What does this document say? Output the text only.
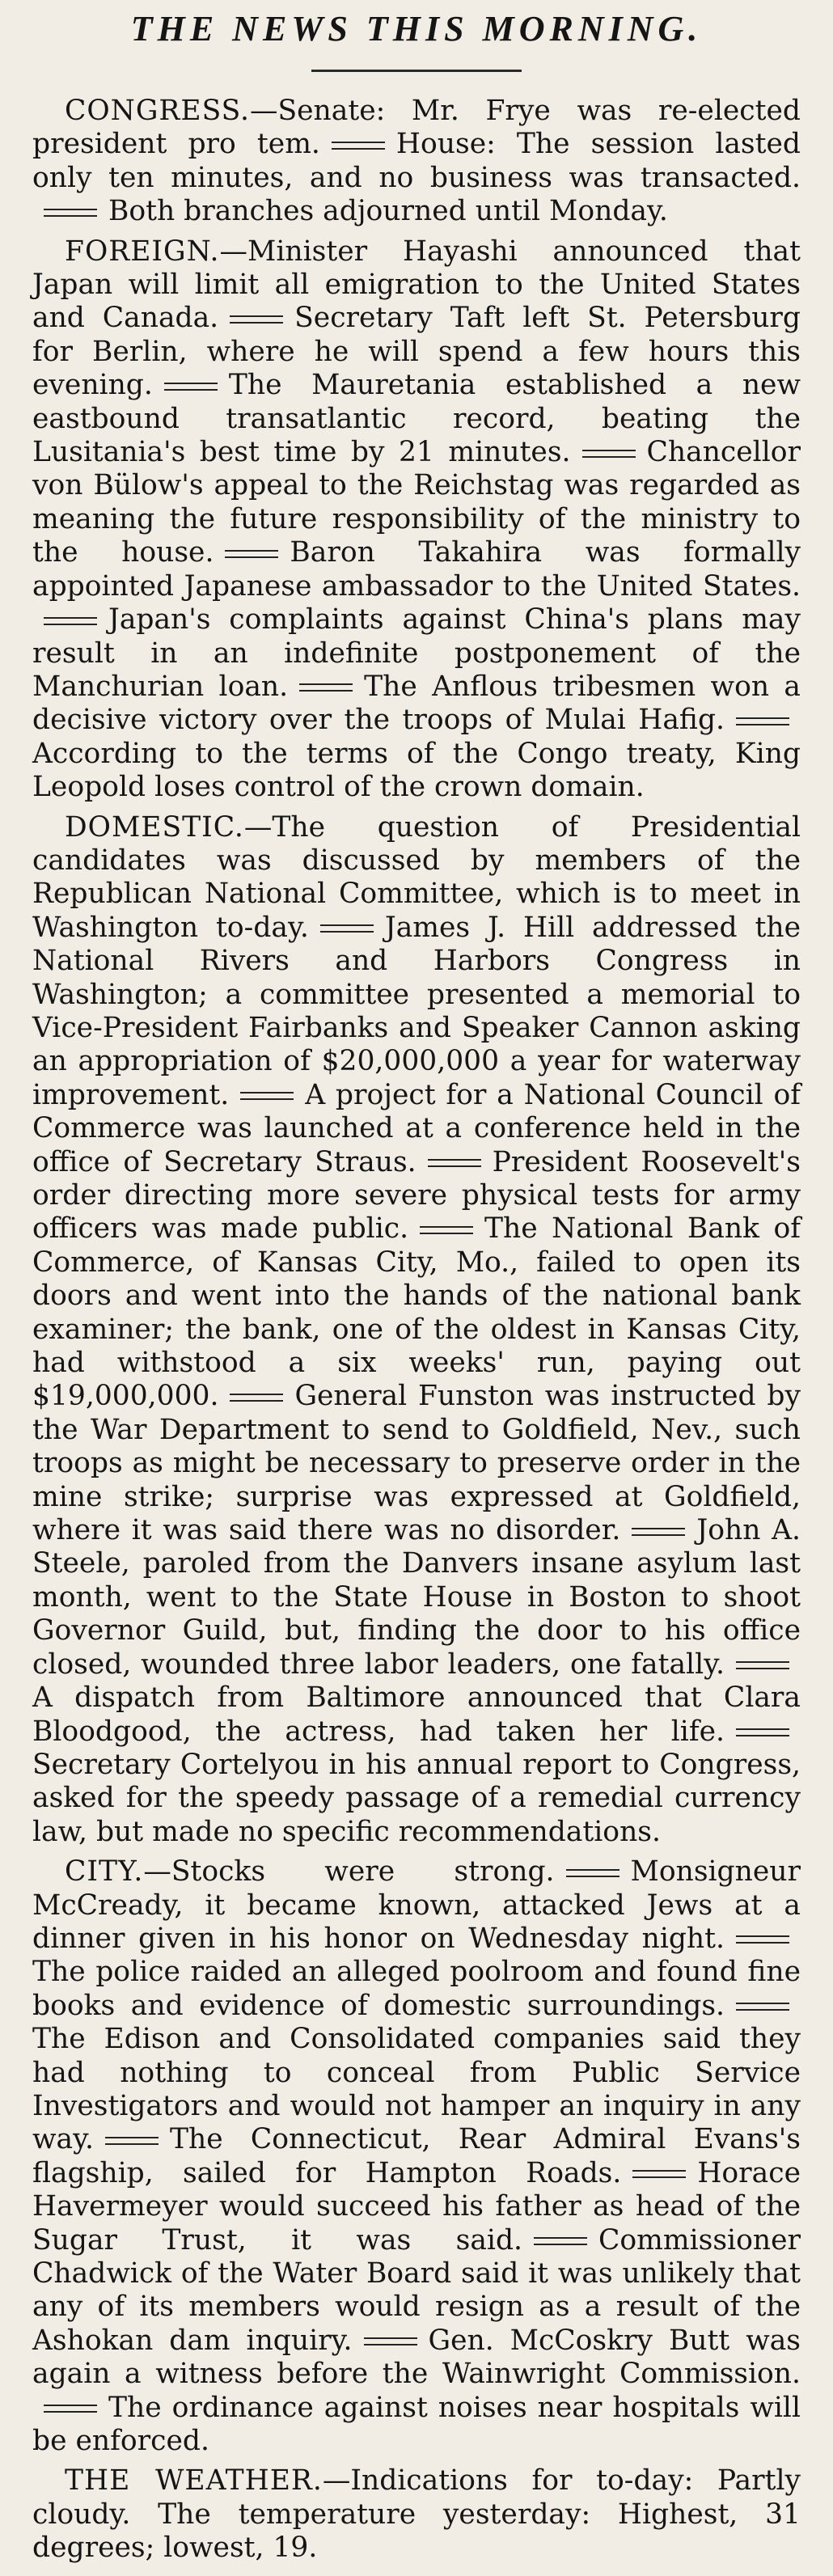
THE NEWS THIS MORNING.

CONGRESS.—Senate: Mr. Frye was re-elected president pro tem.	House: The session lasted only ten minutes, and no business was transacted.Both branches adjourned until Monday.

FOREIGN.—Minister Hayashi announced that Japan will limit all emigration to the United States and Canada.	Secretary Taft left St. Petersburg for Berlin, where he will spend a few hours this evening.	The Mauretania established a new eastbound transatlantic record, beating the Lusitania's best time by 21 minutes.	Chancellor von Bülow's appeal to the Reichstag was regarded as meaning the future responsibility of the ministry to the house.	Baron Takahira was formally appointed Japanese ambassador to the United States.Japan's complaints against China's plans may result in an indefinite postponement of the Manchurian loan.	The Anflous tribesmen won a decisive victory over the troops of Mulai Hafig.According to the terms of the Congo treaty, King Leopold loses control of the crown domain.

DOMESTIC.—The question of Presidential candidates was discussed by members of the Republican National Committee, which is to meet in Washington to-day.	James J. Hill addressed the National Rivers and Harbors Congress in Washington; a committee presented a memorial to Vice-President Fairbanks and Speaker Cannon asking an appropriation of $20,000,000 a year for waterway improvement.	A project for a National Council of Commerce was launched at a conference held in the office of Secretary Straus.	President Roosevelt's order directing more severe physical tests for army officers was made public.	The National Bank of Commerce, of Kansas City, Mo., failed to open its doors and went into the hands of the national bank examiner; the bank, one of the oldest in Kansas City, had withstood a six weeks' run, paying out $19,000,000.	General Funston was instructed by the War Department to send to Goldfield, Nev., such troops as might be necessary to preserve order in the mine strike; surprise was expressed at Goldfield, where it was said there was no disorder.	John A. Steele, paroled from the Danvers insane asylum last month, went to the State House in Boston to shoot Governor Guild, but, finding the door to his office closed, wounded three labor leaders, one fatally.A dispatch from Baltimore announced that Clara Bloodgood, the actress, had taken her life.Secretary Cortelyou in his annual report to Congress, asked for the speedy passage of a remedial currency law, but made no specific recommendations.

CITY.—Stocks were strong.	Monsigneur McCready, it became known, attacked Jews at a dinner given in his honor on Wednesday night.The police raided an alleged poolroom and found fine books and evidence of domestic surroundings.The Edison and Consolidated companies said they had nothing to conceal from Public Service Investigators and would not hamper an inquiry in any way.	The Connecticut, Rear Admiral Evans's flagship, sailed for Hampton Roads.	Horace Havermeyer would succeed his father as head of the Sugar Trust, it was said.	Commissioner Chadwick of the Water Board said it was unlikely that any of its members would resign as a result of the Ashokan dam inquiry.	Gen. McCoskry Butt was again a witness before the Wainwright Commission.The ordinance against noises near hospitals will be enforced.

THE WEATHER.—Indications for to-day: Partly cloudy. The temperature yesterday: Highest, 31 degrees; lowest, 19.
